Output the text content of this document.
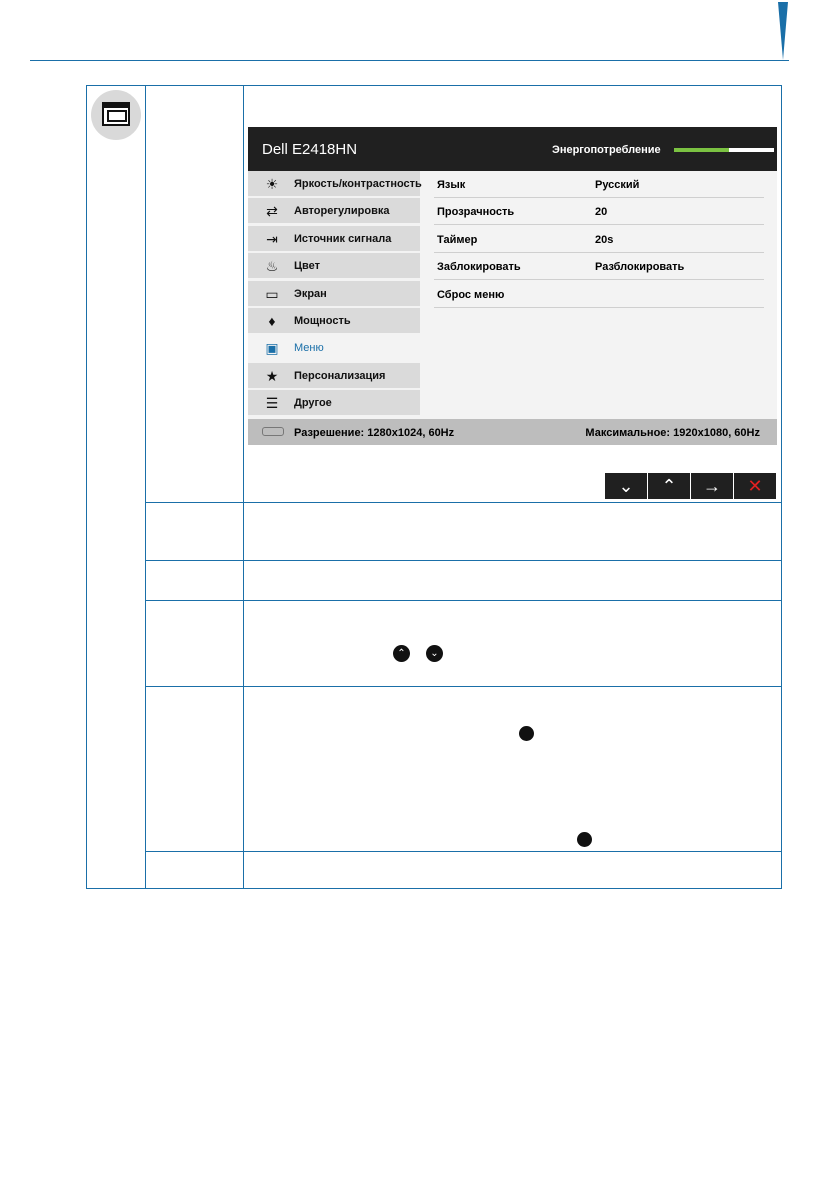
Dell E2418HN	Энергопотребление
☀ Яркость/контрастность
⇄ Авторегулировка
⇥ Источник сигнала
♨ Цвет
▭ Экран
♦	Мощность
▣ Меню
★ Персонализация
☰ Другое
Язык	Русский
Прозрачность	20
Таймер	20s
Заблокировать	Разблокировать
Сброс меню
Разрешение: 1280x1024, 60Hz	Максимальное: 1920x1080, 60Hz
⌄	⌃	→	✕
⌃	⌄
